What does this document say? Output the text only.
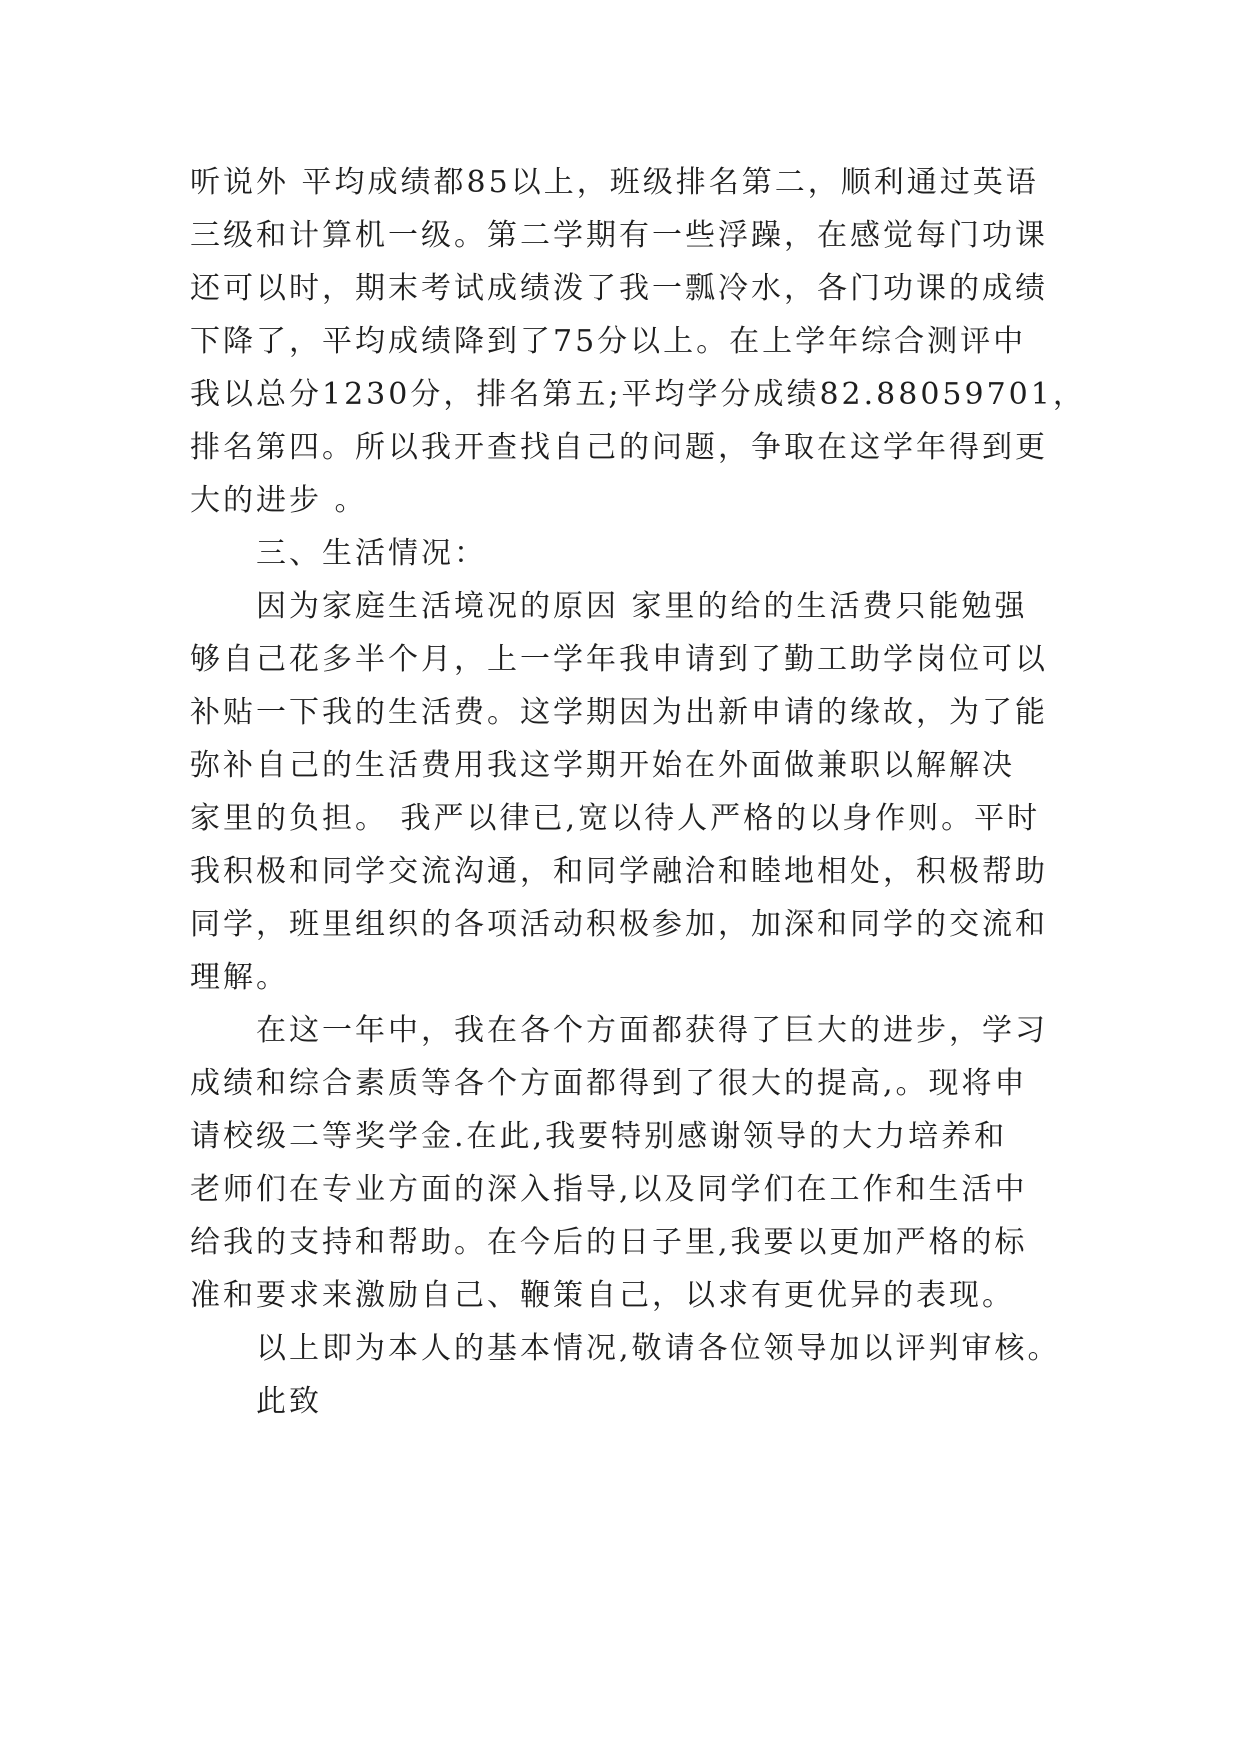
听说外 平均成绩都85以上，班级排名第二，顺利通过英语
三级和计算机一级。第二学期有一些浮躁，在感觉每门功课
还可以时，期末考试成绩泼了我一瓢冷水，各门功课的成绩
下降了，平均成绩降到了75分以上。在上学年综合测评中
我以总分1230分，排名第五;平均学分成绩82.88059701，
排名第四。所以我开查找自己的问题，争取在这学年得到更
大的进步 。
三、生活情况：
因为家庭生活境况的原因 家里的给的生活费只能勉强
够自己花多半个月，上一学年我申请到了勤工助学岗位可以
补贴一下我的生活费。这学期因为出新申请的缘故，为了能
弥补自己的生活费用我这学期开始在外面做兼职以解解决
家里的负担。 我严以律已,宽以待人严格的以身作则。平时
我积极和同学交流沟通，和同学融洽和睦地相处，积极帮助
同学，班里组织的各项活动积极参加，加深和同学的交流和
理解。
在这一年中，我在各个方面都获得了巨大的进步，学习
成绩和综合素质等各个方面都得到了很大的提高,。现将申
请校级二等奖学金.在此,我要特别感谢领导的大力培养和
老师们在专业方面的深入指导,以及同学们在工作和生活中
给我的支持和帮助。在今后的日子里,我要以更加严格的标
准和要求来激励自己、鞭策自己，以求有更优异的表现。
以上即为本人的基本情况,敬请各位领导加以评判审核。
此致
